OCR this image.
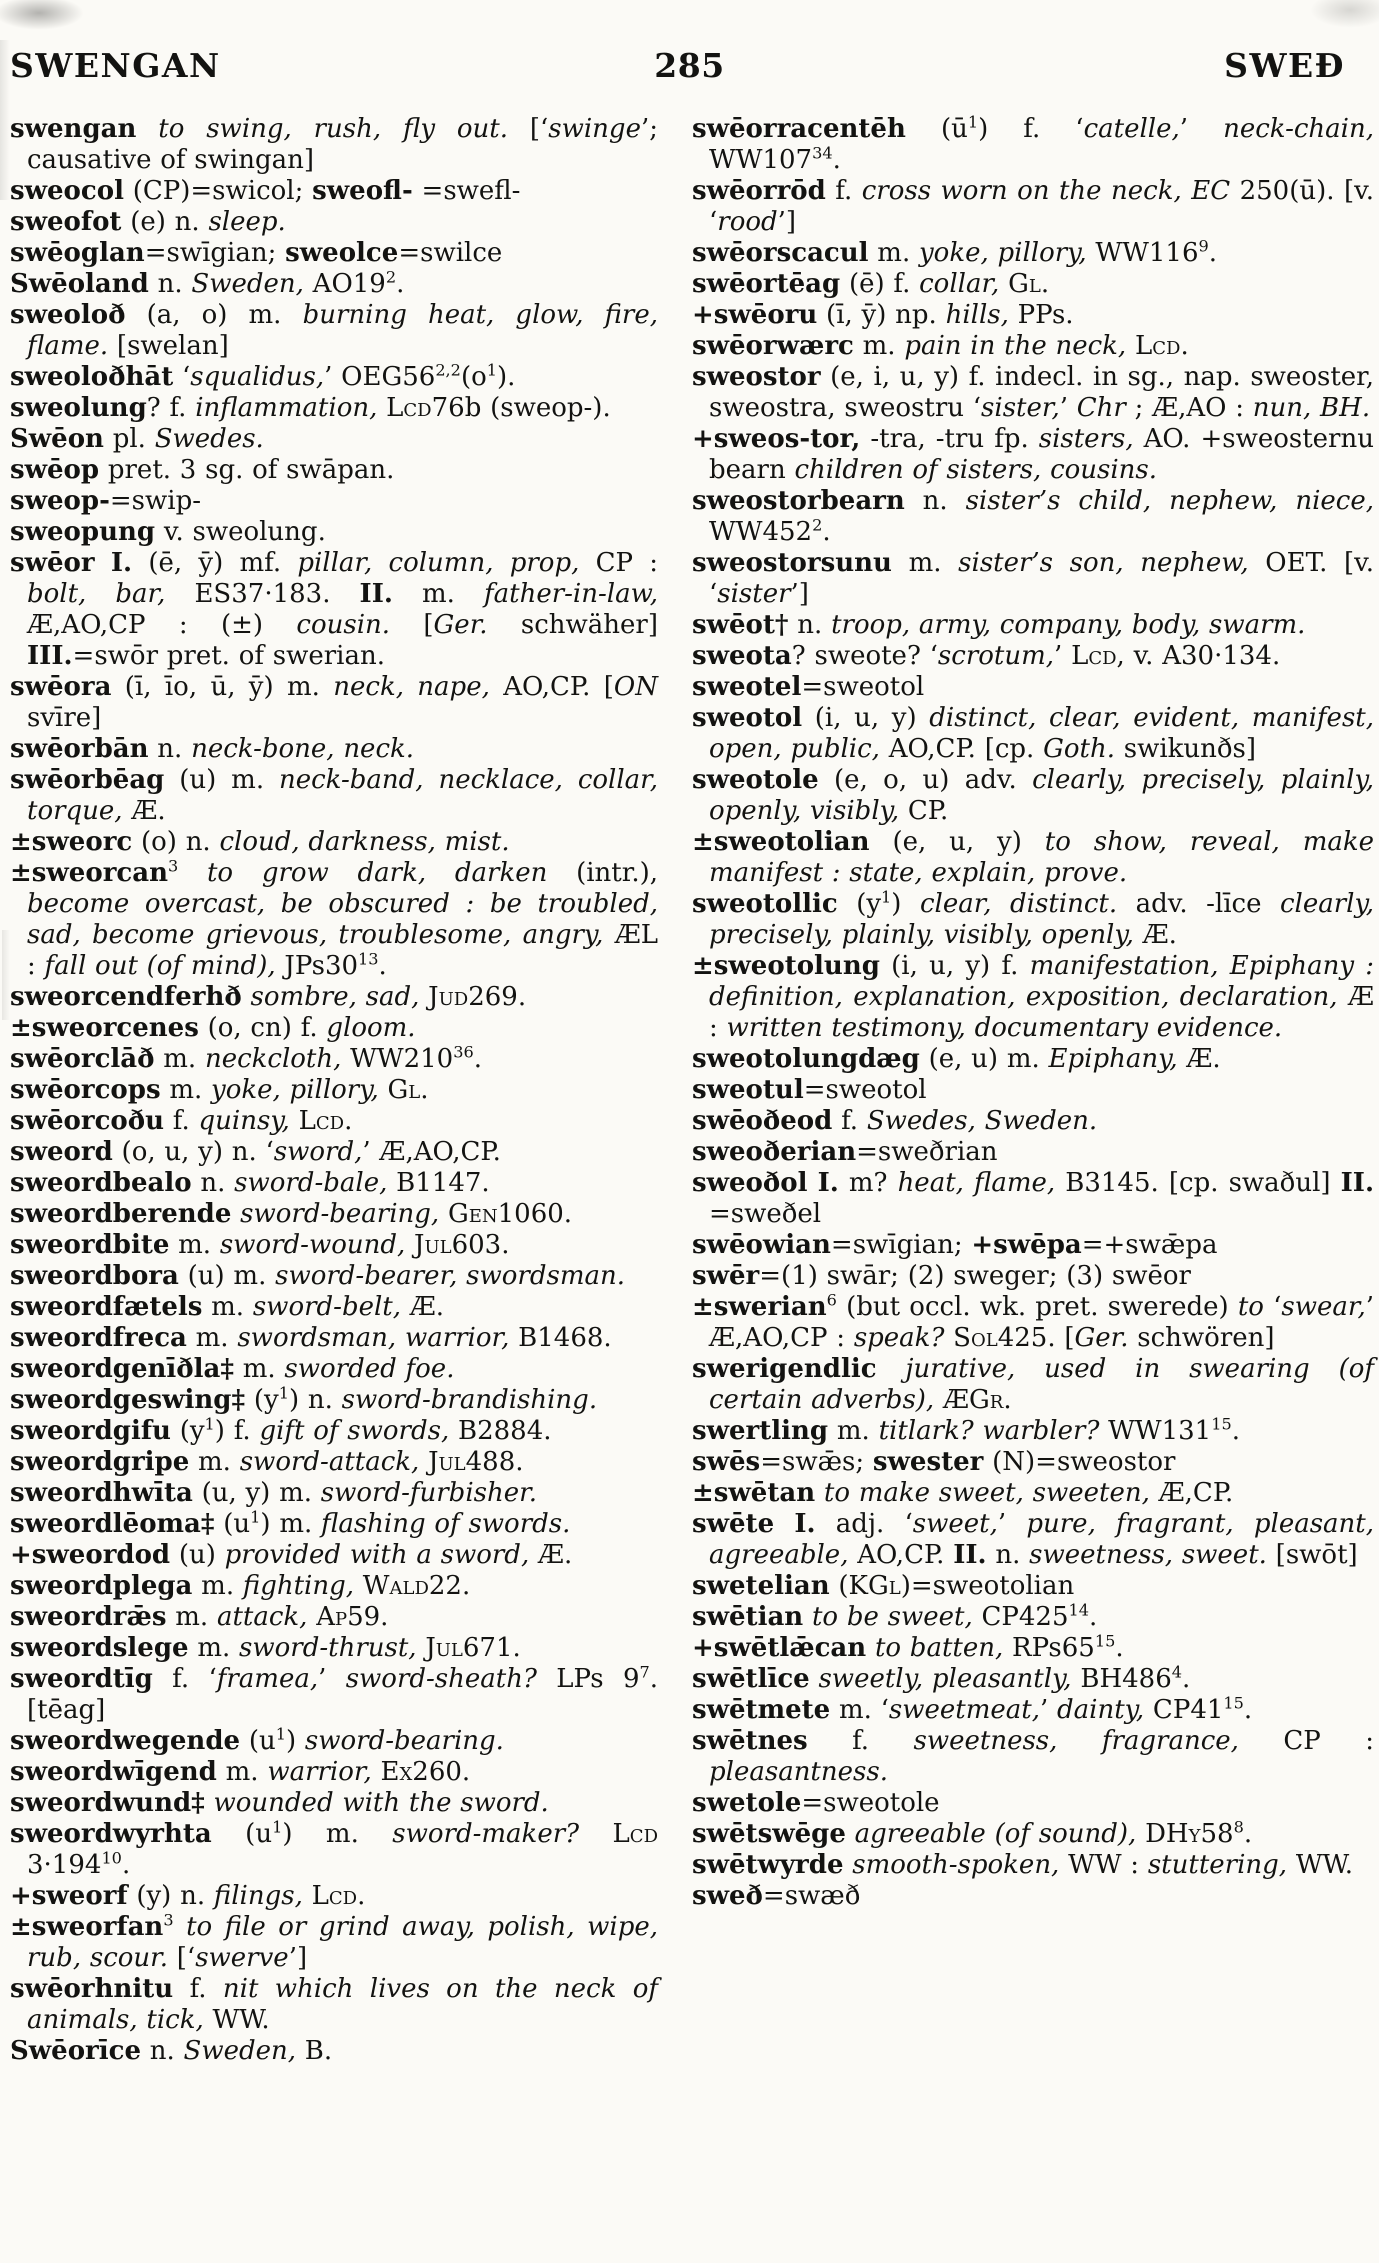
SWENGAN	285	SWEÐ

swengan to swing, rush, fly out. [‘swinge’; causative of swingan]

sweocol (CP)=swicol; sweofl- =swefl-

sweofot (e) n. sleep.

swēoglan=swīgian; sweolce=swilce

Swēoland n. Sweden, $AO19^2$.

sweoloð (a, o) m. burning heat, glow, fire, flame. [swelan]

sweoloðhāt ‘squalidus,’ $OEG56^{2,2}(o^1)$.

sweolung? f. inflammation, Lcd76b (sweop-).

Swēon pl. Swedes.

swēop pret. 3 sg. of swāpan.

sweop-=swip-

sweopung v. sweolung.

swēor I. (ē, ȳ) mf. pillar, column, prop, CP : bolt, bar, ES37·183. II. m. father-in-law, Æ,AO,CP : (±) cousin. [Ger. schwäher] III.=swōr pret. of swerian.

swēora (ī, īo, ū, ȳ) m. neck, nape, AO,CP. [ON svīre]

swēorbān n. neck-bone, neck.

swēorbēag (u) m. neck-band, necklace, collar, torque, Æ.

±sweorc (o) n. cloud, darkness, mist.

±sweorcan$^3$ to grow dark, darken (intr.), become overcast, be obscured : be troubled, sad, become grievous, troublesome, angry, ÆL : fall out (of mind), $JPs30^{13}$.

sweorcendferhð sombre, sad, Jud269.

±sweorcenes (o, cn) f. gloom.

swēorclāð m. neckcloth, $WW210^{36}$.

swēorcops m. yoke, pillory, Gl.

swēorcoðu f. quinsy, Lcd.

sweord (o, u, y) n. ‘sword,’ Æ,AO,CP.

sweordbealo n. sword-bale, B1147.

sweordberende sword-bearing, Gen1060.

sweordbite m. sword-wound, Jul603.

sweordbora (u) m. sword-bearer, swordsman.

sweordfætels m. sword-belt, Æ.

sweordfreca m. swordsman, warrior, B1468.

sweordgenīðla‡ m. sworded foe.

sweordgeswing‡ $(y^1)$ n. sword-brandishing.

sweordgifu $(y^1)$ f. gift of swords, B2884.

sweordgripe m. sword-attack, Jul488.

sweordhwīta (u, y) m. sword-furbisher.

sweordlēoma‡ $(u^1)$ m. flashing of swords.

+sweordod (u) provided with a sword, Æ.

sweordplega m. fighting, Wald22.

sweordrǣs m. attack, Ap59.

sweordslege m. sword-thrust, Jul671.

sweordtīg f. ‘framea,’ sword-sheath? LPs $9^7$. [tēag]

sweordwegende $(u^1)$ sword-bearing.

sweordwīgend m. warrior, Ex260.

sweordwund‡ wounded with the sword.

sweordwyrhta $(u^1)$ m. sword-maker? Lcd $3\cdot 194^{10}$.

+sweorf (y) n. filings, Lcd.

±sweorfan$^3$ to file or grind away, polish, wipe, rub, scour. [‘swerve’]

swēorhnitu f. nit which lives on the neck of animals, tick, WW.

Swēorīce n. Sweden, B.

swēorracentēh $(ū^1)$ f. ‘catelle,’ neck-chain, $WW107^{34}$.

swēorrōd f. cross worn on the neck, EC 250(ū). [v. ‘rood’]

swēorscacul m. yoke, pillory, $WW116^9$.

swēortēag (ē) f. collar, Gl.

+swēoru (ī, ȳ) np. hills, PPs.

swēorwærc m. pain in the neck, Lcd.

sweostor (e, i, u, y) f. indecl. in sg., nap. sweoster, sweostra, sweostru ‘sister,’ Chr ; Æ,AO : nun, BH.

+sweos-tor, -tra, -tru fp. sisters, AO. +sweosternu bearn children of sisters, cousins.

sweostorbearn n. sister’s child, nephew, niece, $WW452^2$.

sweostorsunu m. sister’s son, nephew, OET. [v. ‘sister’]

swēot† n. troop, army, company, body, swarm.

sweota? sweote? ‘scrotum,’ Lcd, v. A30·134.

sweotel=sweotol

sweotol (i, u, y) distinct, clear, evident, manifest, open, public, AO,CP. [cp. Goth. swikunðs]

sweotole (e, o, u) adv. clearly, precisely, plainly, openly, visibly, CP.

±sweotolian (e, u, y) to show, reveal, make manifest : state, explain, prove.

sweotollic $(y^1)$ clear, distinct. adv. -līce clearly, precisely, plainly, visibly, openly, Æ.

±sweotolung (i, u, y) f. manifestation, Epiphany : definition, explanation, exposition, declaration, Æ : written testimony, documentary evidence.

sweotolungdæg (e, u) m. Epiphany, Æ.

sweotul=sweotol

swēoðeod f. Swedes, Sweden.

sweoðerian=sweðrian

sweoðol I. m? heat, flame, B3145. [cp. swaðul] II. =sweðel

swēowian=swīgian; +swēpa=+swǣpa

swēr=(1) swār; (2) sweger; (3) swēor

±swerian$^6$ (but occl. wk. pret. swerede) to ‘swear,’ Æ,AO,CP : speak? Sol425. [Ger. schwören]

swerigendlic jurative, used in swearing (of certain adverbs), ÆGr.

swertling m. titlark? warbler? $WW131^{15}$.

swēs=swǣs; swester (N)=sweostor

±swētan to make sweet, sweeten, Æ,CP.

swēte I. adj. ‘sweet,’ pure, fragrant, pleasant, agreeable, AO,CP. II. n. sweetness, sweet. [swōt]

swetelian (KGl)=sweotolian

swētian to be sweet, $CP425^{14}$.

+swētlǣcan to batten, $RPs65^{15}$.

swētlīce sweetly, pleasantly, $BH486^4$.

swētmete m. ‘sweetmeat,’ dainty, $CP41^{15}$.

swētnes f. sweetness, fragrance, CP : pleasantness.

swetole=sweotole

swētswēge agreeable (of sound), $DHy58^8$.

swētwyrde smooth-spoken, WW : stuttering, WW.

sweð=swæð
